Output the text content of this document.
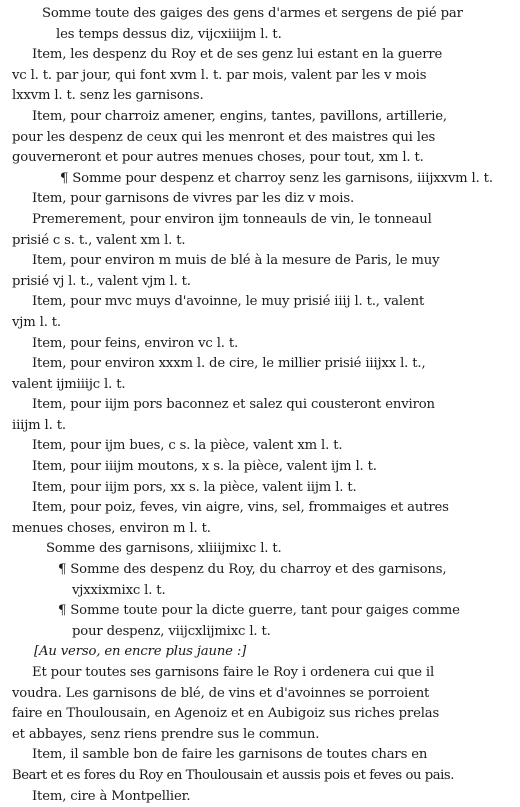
Somme toute des gaiges des gens d'armes et sergens de pié par
les temps dessus diz, vijcxiiijm l. t.
Item, les despenz du Roy et de ses genz lui estant en la guerre
vc l. t. par jour, qui font xvm l. t. par mois, valent par les v mois
lxxvm l. t. senz les garnisons.
Item, pour charroiz amener, engins, tantes, pavillons, artillerie,
pour les despenz de ceux qui les menront et des maistres qui les
gouverneront et pour autres menues choses, pour tout, xm l. t.
¶ Somme pour despenz et charroy senz les garnisons, iiijxxvm l. t.
Item, pour garnisons de vivres par les diz v mois.
Premerement, pour environ ijm tonneauls de vin, le tonneaul
prisié c s. t., valent xm l. t.
Item, pour environ m muis de blé à la mesure de Paris, le muy
prisié vj l. t., valent vjm l. t.
Item, pour mvc muys d'avoinne, le muy prisié iiij l. t., valent
vjm l. t.
Item, pour feins, environ vc l. t.
Item, pour environ xxxm l. de cire, le millier prisié iiijxx l. t.,
valent ijmiiijc l. t.
Item, pour iijm pors baconnez et salez qui cousteront environ
iiijm l. t.
Item, pour ijm bues, c s. la pièce, valent xm l. t.
Item, pour iiijm moutons, x s. la pièce, valent ijm l. t.
Item, pour iijm pors, xx s. la pièce, valent iijm l. t.
Item, pour poiz, feves, vin aigre, vins, sel, frommaiges et autres
menues choses, environ m l. t.
Somme des garnisons, xliiijmixc l. t.
¶ Somme des despenz du Roy, du charroy et des garnisons,
vjxxixmixc l. t.
¶ Somme toute pour la dicte guerre, tant pour gaiges comme
pour despenz, viijcxlijmixc l. t.
[Au verso, en encre plus jaune :]
Et pour toutes ses garnisons faire le Roy i ordenera cui que il
voudra. Les garnisons de blé, de vins et d'avoinnes se porroient
faire en Thoulousain, en Agenoiz et en Aubigoiz sus riches prelas
et abbayes, senz riens prendre sus le commun.
Item, il samble bon de faire les garnisons de toutes chars en
Beart et es fores du Roy en Thoulousain et aussis pois et feves ou pais.
Item, cire à Montpellier.
